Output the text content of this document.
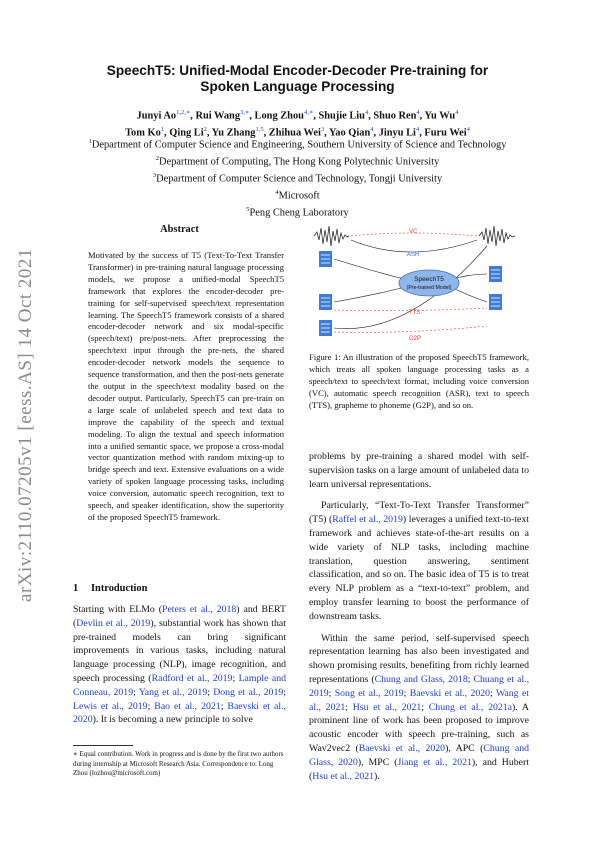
arXiv:2110.07205v1 [eess.AS] 14 Oct 2021
SpeechT5: Unified-Modal Encoder-Decoder Pre-training for
Spoken Language Processing
Junyi $Ao^{1,2,∗}$, Rui Wang$^{3,∗}$, Long Zhou$^{4,∗}$, Shujie Liu$^4$, Shuo Ren$^4$, Yu Wu$^4$
Tom Ko$^1$, Qing Li$^2$, Yu Zhang$^{1,5}$, Zhihua Wei$^3$, Yao Qian$^4$, Jinyu Li$^4$, Furu Wei$^4$
$^1$Department of Computer Science and Engineering, Southern University of Science and Technology
$^2$Department of Computing, The Hong Kong Polytechnic University
$^3$Department of Computer Science and Technology, Tongji University
$^4$Microsoft
$^5$Peng Cheng Laboratory
Abstract
Motivated by the success of T5 (Text-To-Text Transfer Transformer) in pre-training natural language processing models, we propose a unified-modal SpeechT5 framework that explores the encoder-decoder pre-training for self-supervised speech/text representation learning. The SpeechT5 framework consists of a shared encoder-decoder network and six modal-specific (speech/text) pre/post-nets. After preprocessing the speech/text input through the pre-nets, the shared encoder-decoder network models the sequence to sequence transformation, and then the post-nets generate the output in the speech/text modality based on the decoder output. Particularly, SpeechT5 can pre-train on a large scale of unlabeled speech and text data to improve the capability of the speech and textual modeling. To align the textual and speech information into a unified semantic space, we propose a cross-modal vector quantization method with random mixing-up to bridge speech and text. Extensive evaluations on a wide variety of spoken language processing tasks, including voice conversion, automatic speech recognition, text to speech, and speaker identification, show the superiority of the proposed SpeechT5 framework.
1 Introduction
Starting with ELMo (Peters et al., 2018) and BERT (Devlin et al., 2019), substantial work has shown that pre-trained models can bring significant improvements in various tasks, including natural language processing (NLP), image recognition, and speech processing (Radford et al., 2019; Lample and Conneau, 2019; Yang et al., 2019; Dong et al., 2019; Lewis et al., 2019; Bao et al., 2021; Baevski et al., 2020). It is becoming a new principle to solve
∗ Equal contribution. Work in progress and is done by the first two authors during internship at Microsoft Research Asia. Correspondence to: Long Zhou (lozhou@microsoft.com)
SpeechT5
(Pre-trained Model)
VC
ASR
TTS
G2P
Figure 1: An illustration of the proposed SpeechT5 framework, which treats all spoken language processing tasks as a speech/text to speech/text format, including voice conversion (VC), automatic speech recognition (ASR), text to speech (TTS), grapheme to phoneme (G2P), and so on.

problems by pre-training a shared model with self-supervision tasks on a large amount of unlabeled data to learn universal representations.

Particularly, “Text-To-Text Transfer Transformer” (T5) (Raffel et al., 2019) leverages a unified text-to-text framework and achieves state-of-the-art results on a wide variety of NLP tasks, including machine translation, question answering, sentiment classification, and so on. The basic idea of T5 is to treat every NLP problem as a “text-to-text” problem, and employ transfer learning to boost the performance of downstream tasks.

Within the same period, self-supervised speech representation learning has also been investigated and shown promising results, benefiting from richly learned representations (Chung and Glass, 2018; Chuang et al., 2019; Song et al., 2019; Baevski et al., 2020; Wang et al., 2021; Hsu et al., 2021; Chung et al., 2021a). A prominent line of work has been proposed to improve acoustic encoder with speech pre-training, such as Wav2vec2 (Baevski et al., 2020), APC (Chung and Glass, 2020), MPC (Jiang et al., 2021), and Hubert (Hsu et al., 2021).
